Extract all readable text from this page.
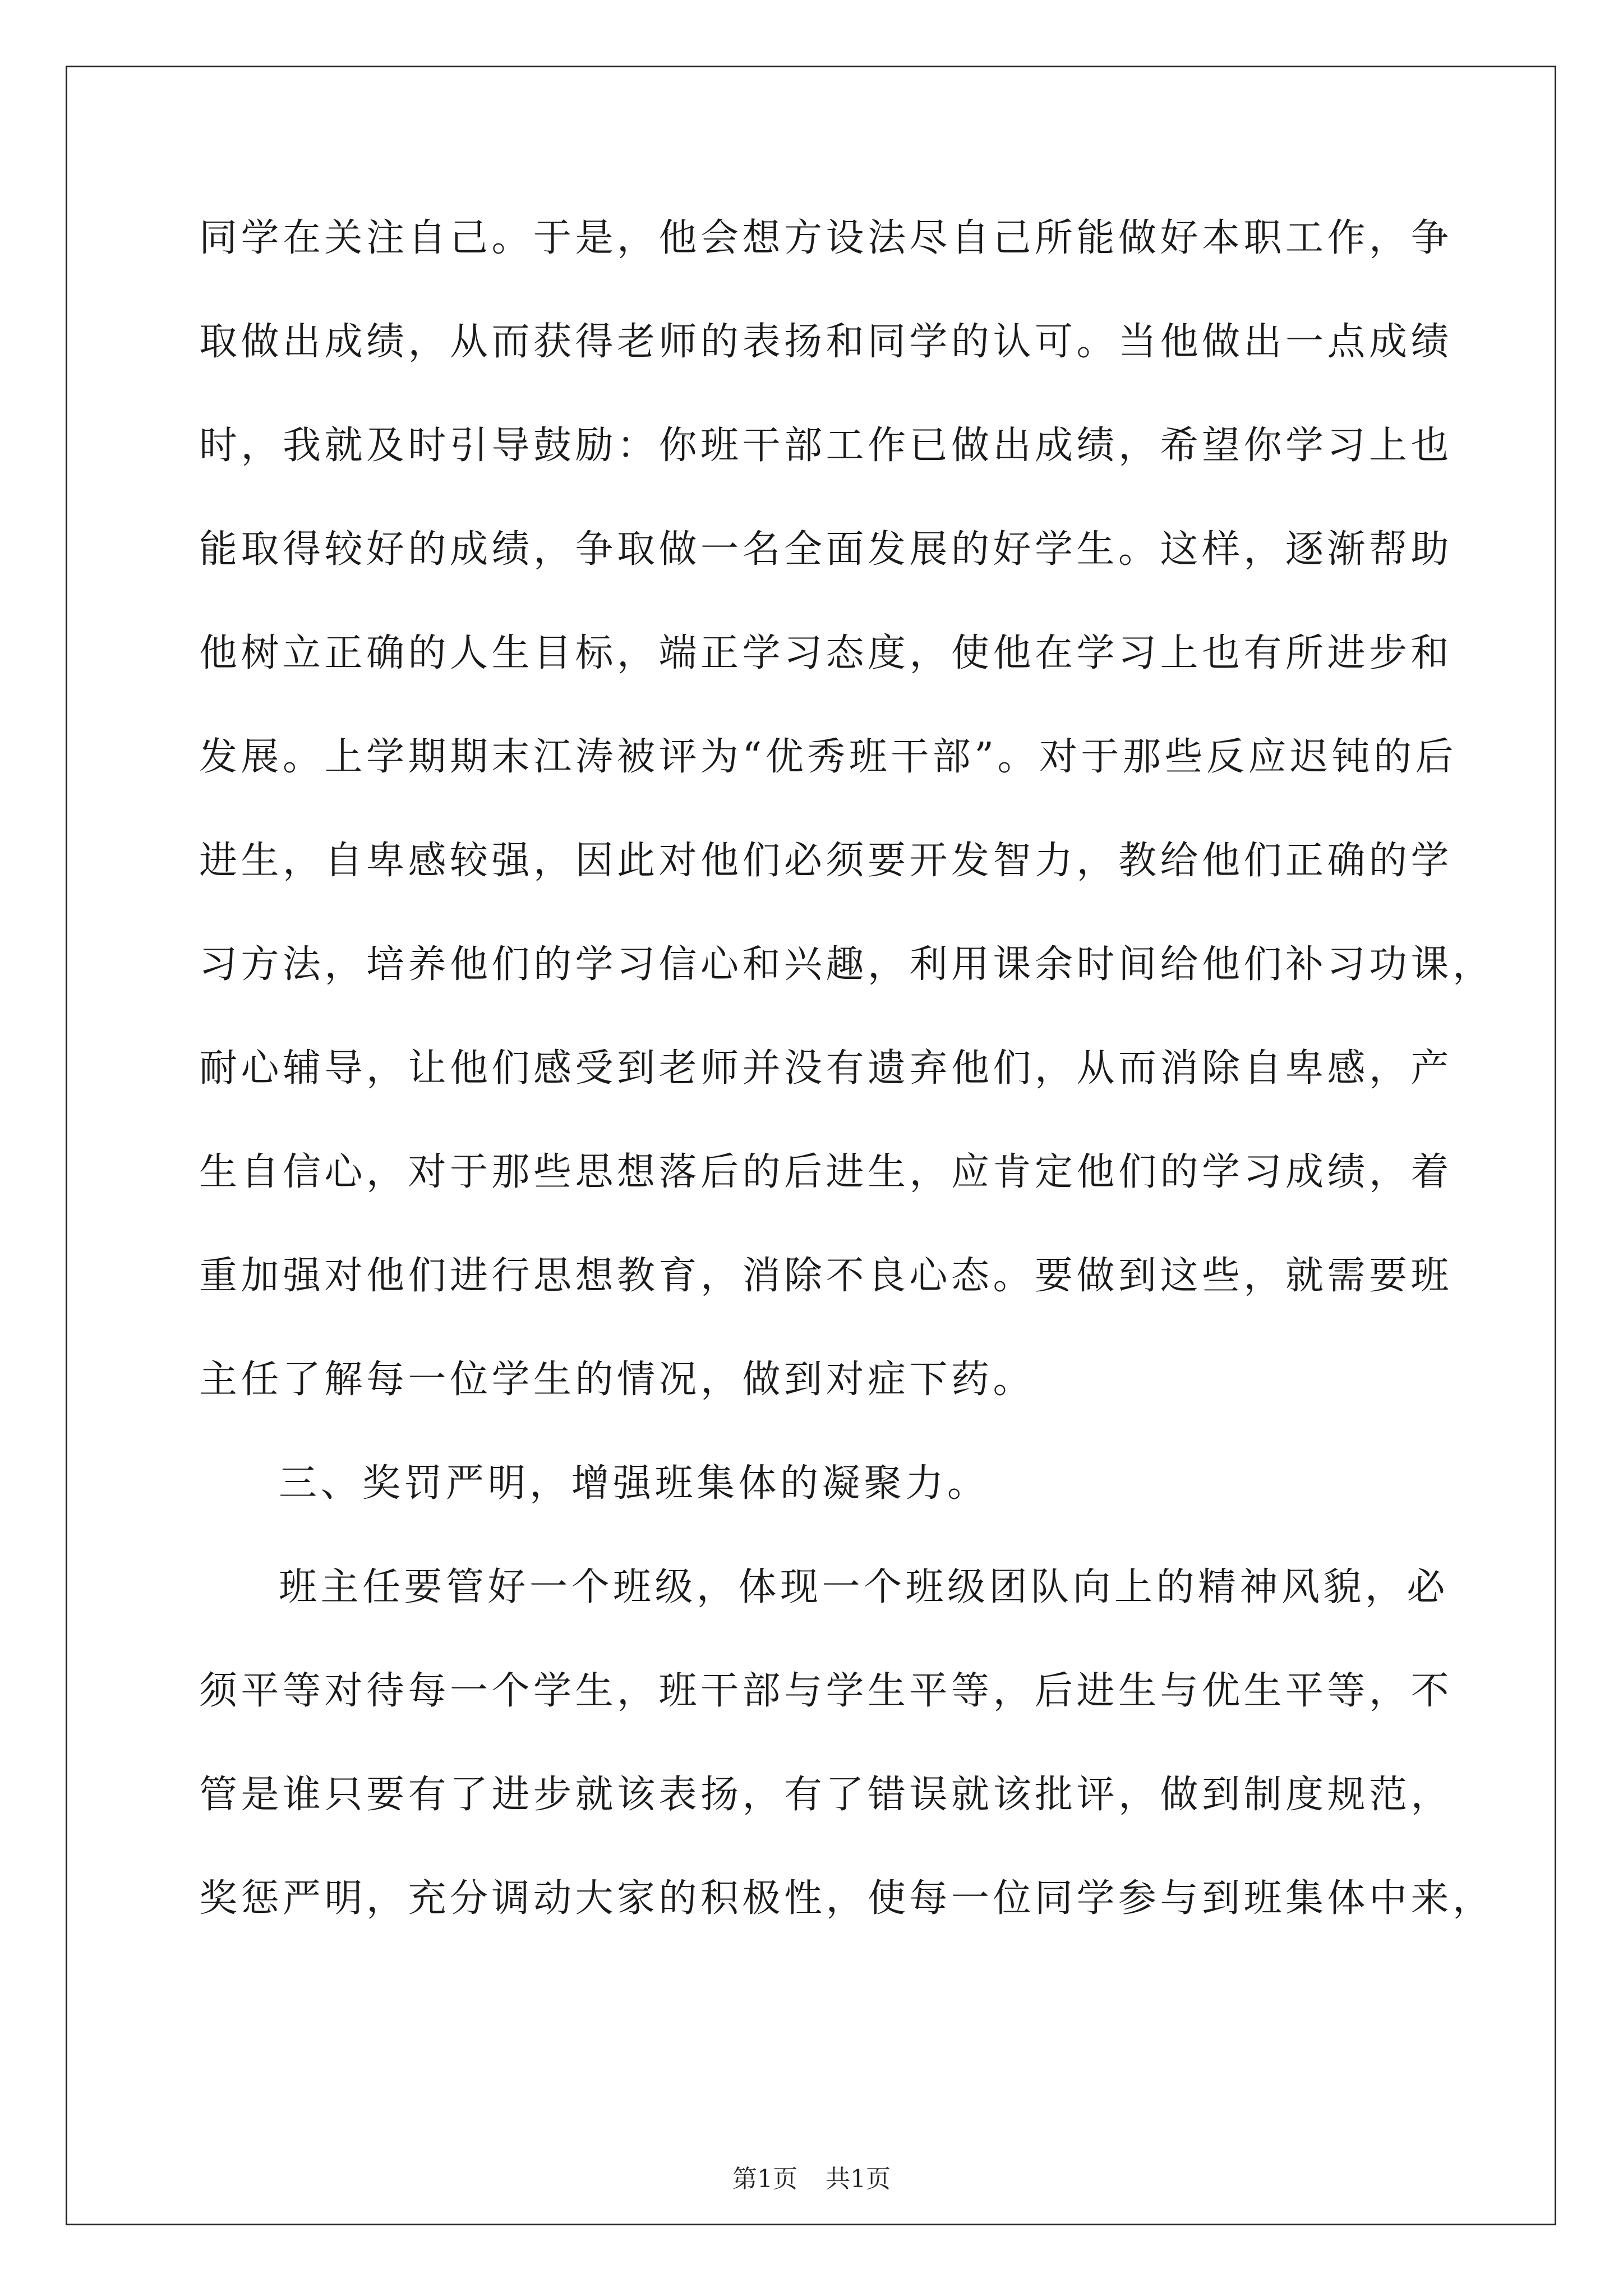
同学在关注自己。于是，他会想方设法尽自己所能做好本职工作，争
取做出成绩，从而获得老师的表扬和同学的认可。当他做出一点成绩
时，我就及时引导鼓励：你班干部工作已做出成绩，希望你学习上也
能取得较好的成绩，争取做一名全面发展的好学生。这样，逐渐帮助
他树立正确的人生目标，端正学习态度，使他在学习上也有所进步和
发展。上学期期末江涛被评为“优秀班干部”。对于那些反应迟钝的后
进生，自卑感较强，因此对他们必须要开发智力，教给他们正确的学
习方法，培养他们的学习信心和兴趣，利用课余时间给他们补习功课，
耐心辅导，让他们感受到老师并没有遗弃他们，从而消除自卑感，产
生自信心，对于那些思想落后的后进生，应肯定他们的学习成绩，着
重加强对他们进行思想教育，消除不良心态。要做到这些，就需要班
主任了解每一位学生的情况，做到对症下药。
三、奖罚严明，增强班集体的凝聚力。
班主任要管好一个班级，体现一个班级团队向上的精神风貌，必
须平等对待每一个学生，班干部与学生平等，后进生与优生平等，不
管是谁只要有了进步就该表扬，有了错误就该批评，做到制度规范，
奖惩严明，充分调动大家的积极性，使每一位同学参与到班集体中来，
第1页 共1页
